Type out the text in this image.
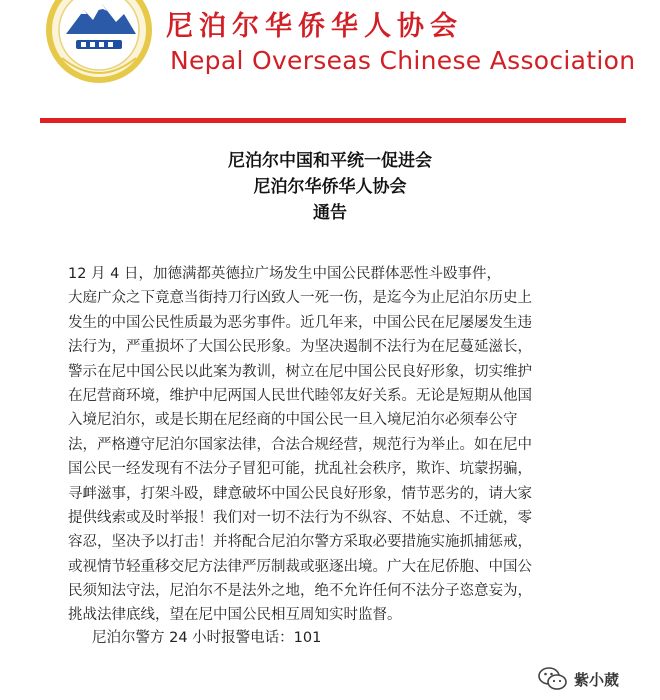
尼泊尔华侨华人协会
Nepal Overseas Chinese Association
尼泊尔中国和平统一促进会
尼泊尔华侨华人协会
通告
12 月 4 日，加德满都英德拉广场发生中国公民群体恶性斗殴事件，
大庭广众之下竟意当街持刀行凶致人一死一伤，是迄今为止尼泊尔历史上
发生的中国公民性质最为恶劣事件。近几年来，中国公民在尼屡屡发生违
法行为，严重损坏了大国公民形象。为坚决遏制不法行为在尼蔓延滋长，
警示在尼中国公民以此案为教训，树立在尼中国公民良好形象，切实维护
在尼营商环境，维护中尼两国人民世代睦邻友好关系。无论是短期从他国
入境尼泊尔，或是长期在尼经商的中国公民一旦入境尼泊尔必须奉公守
法，严格遵守尼泊尔国家法律，合法合规经营，规范行为举止。如在尼中
国公民一经发现有不法分子冒犯可能，扰乱社会秩序，欺诈、坑蒙拐骗，
寻衅滋事，打架斗殴，肆意破坏中国公民良好形象，情节恶劣的，请大家
提供线索或及时举报！我们对一切不法行为不纵容、不姑息、不迁就，零
容忍，坚决予以打击！并将配合尼泊尔警方采取必要措施实施抓捕惩戒，
或视情节轻重移交尼方法律严厉制裁或驱逐出境。广大在尼侨胞、中国公
民须知法守法，尼泊尔不是法外之地，绝不允许任何不法分子恣意妄为，
挑战法律底线，望在尼中国公民相互周知实时监督。
尼泊尔警方 24 小时报警电话：101
紫小葳
